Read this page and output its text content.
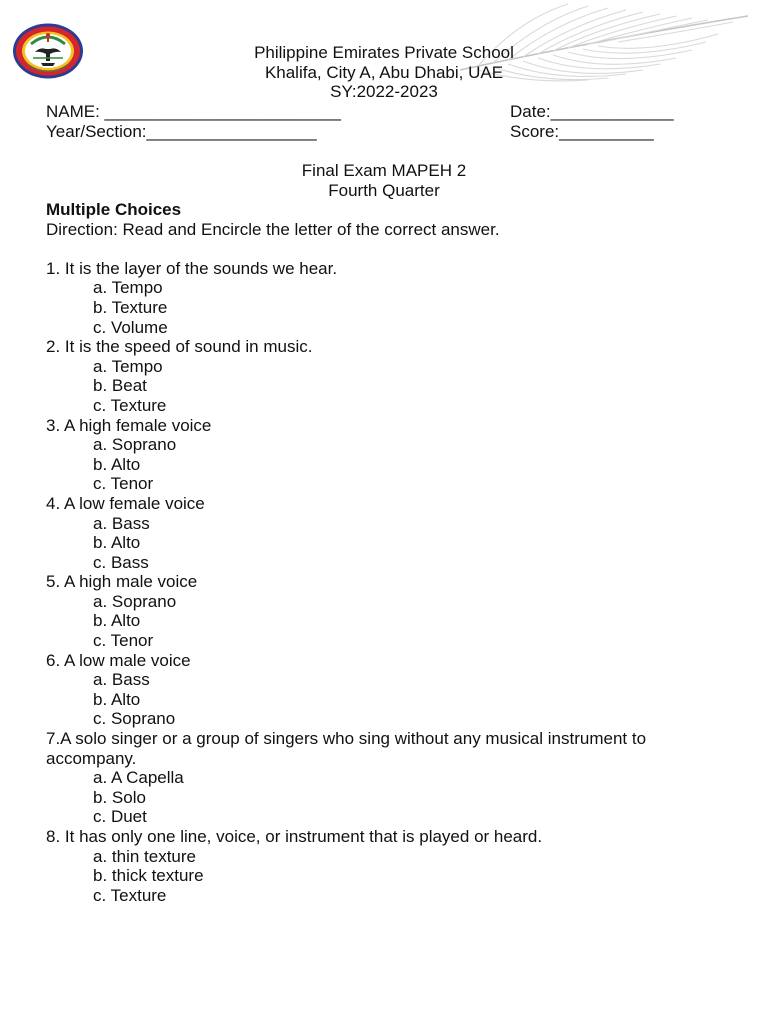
Philippine Emirates Private School
Khalifa, City A, Abu Dhabi, UAE
SY:2022-2023
NAME: _________________________	Date:_____________
Year/Section:__________________	Score:__________
Final Exam MAPEH 2
Fourth Quarter
Multiple Choices
Direction: Read and Encircle the letter of the correct answer.
1. It is the layer of the sounds we hear.
a. Tempo
b. Texture
c. Volume
2. It is the speed of sound in music.
a. Tempo
b. Beat
c. Texture
3. A high female voice
a. Soprano
b. Alto
c. Tenor
4. A low female voice
a. Bass
b. Alto
c. Bass
5. A high male voice
a. Soprano
b. Alto
c. Tenor
6. A low male voice
a. Bass
b. Alto
c. Soprano
7.A solo singer or a group of singers who sing without any musical instrument to accompany.
a. A Capella
b. Solo
c. Duet
8. It has only one line, voice, or instrument that is played or heard.
a. thin texture
b. thick texture
c. Texture
